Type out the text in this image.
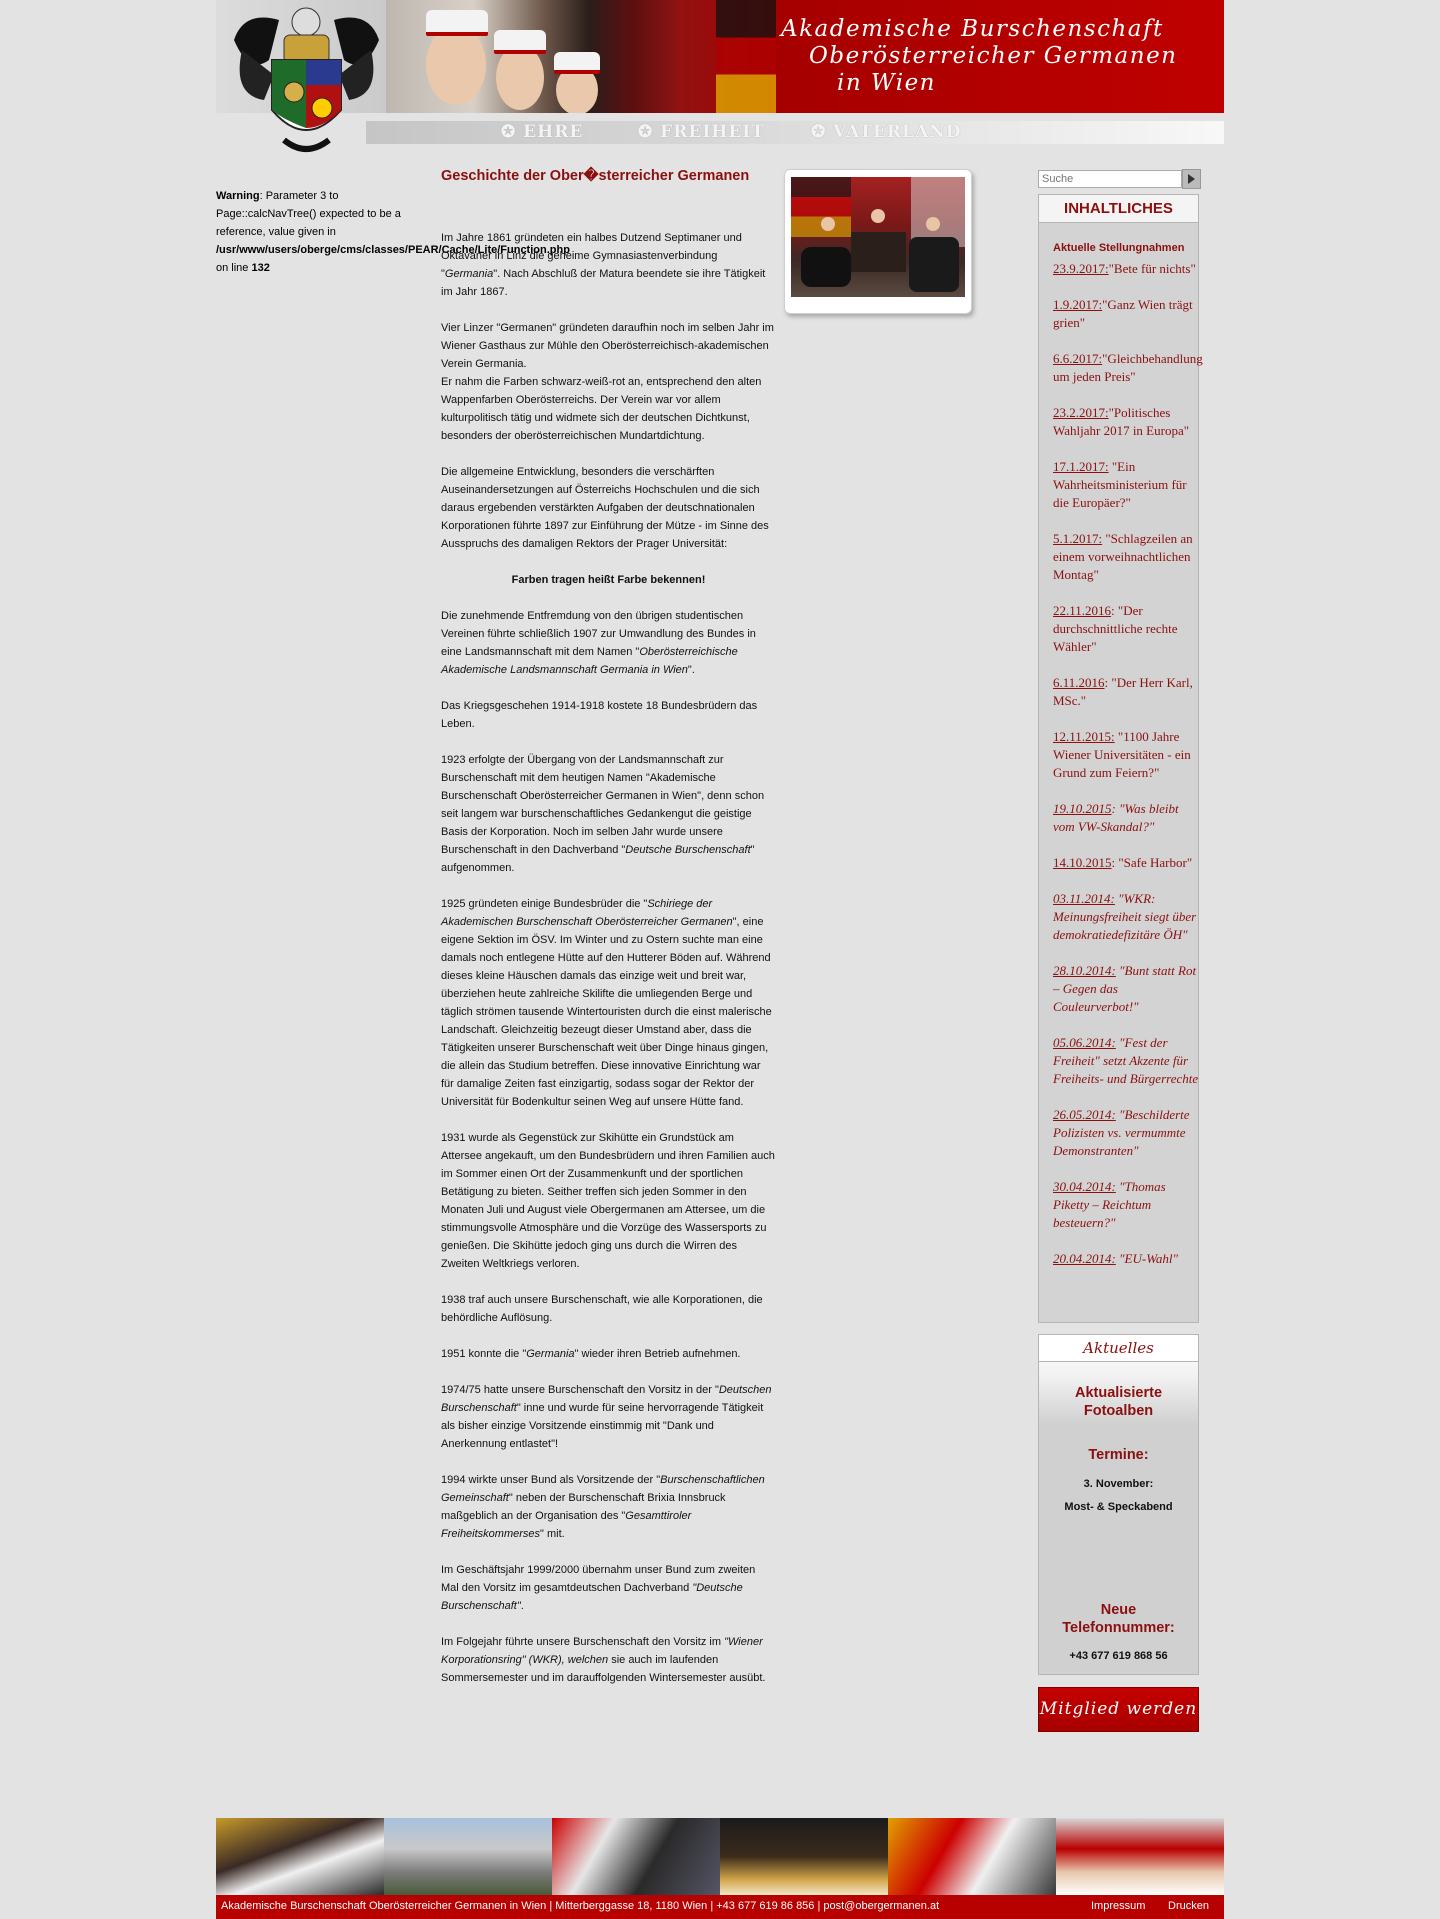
Akademische Burschenschaft
Oberösterreicher Germanen
in Wien
✪ EHRE	✪ FREIHEIT	✪ VATERLAND
Warning: Parameter 3 to Page::calcNavTree() expected to be a reference, value given in
/usr/www/users/oberge/cms/classes/PEAR/Cache/Lite/Function.php
on line 132
Geschichte der Ober�sterreicher Germanen

Im Jahre 1861 gründeten ein halbes Dutzend Septimaner und Oktavaner in Linz die geheime Gymnasiastenverbindung "Germania". Nach Abschluß der Matura beendete sie ihre Tätigkeit im Jahr 1867.

Vier Linzer "Germanen" gründeten daraufhin noch im selben Jahr im Wiener Gasthaus zur Mühle den Oberösterreichisch-akademischen Verein Germania.
Er nahm die Farben schwarz-weiß-rot an, entsprechend den alten Wappenfarben Oberösterreichs. Der Verein war vor allem kulturpolitisch tätig und widmete sich der deutschen Dichtkunst, besonders der oberösterreichischen Mundartdichtung.

Die allgemeine Entwicklung, besonders die verschärften Auseinandersetzungen auf Österreichs Hochschulen und die sich daraus ergebenden verstärkten Aufgaben der deutschnationalen Korporationen führte 1897 zur Einführung der Mütze - im Sinne des Ausspruchs des damaligen Rektors der Prager Universität:

Farben tragen heißt Farbe bekennen!

Die zunehmende Entfremdung von den übrigen studentischen Vereinen führte schließlich 1907 zur Umwandlung des Bundes in eine Landsmannschaft mit dem Namen "Oberösterreichische Akademische Landsmannschaft Germania in Wien".

Das Kriegsgeschehen 1914-1918 kostete 18 Bundesbrüdern das Leben.

1923 erfolgte der Übergang von der Landsmannschaft zur Burschenschaft mit dem heutigen Namen "Akademische Burschenschaft Oberösterreicher Germanen in Wien", denn schon seit langem war burschenschaftliches Gedankengut die geistige Basis der Korporation. Noch im selben Jahr wurde unsere Burschenschaft in den Dachverband "Deutsche Burschenschaft" aufgenommen.

1925 gründeten einige Bundesbrüder die "Schiriege der Akademischen Burschenschaft Oberösterreicher Germanen", eine eigene Sektion im ÖSV. Im Winter und zu Ostern suchte man eine damals noch entlegene Hütte auf den Hutterer Böden auf. Während dieses kleine Häuschen damals das einzige weit und breit war, überziehen heute zahlreiche Skilifte die umliegenden Berge und täglich strömen tausende Wintertouristen durch die einst malerische Landschaft. Gleichzeitig bezeugt dieser Umstand aber, dass die Tätigkeiten unserer Burschenschaft weit über Dinge hinaus gingen, die allein das Studium betreffen. Diese innovative Einrichtung war für damalige Zeiten fast einzigartig, sodass sogar der Rektor der Universität für Bodenkultur seinen Weg auf unsere Hütte fand.

1931 wurde als Gegenstück zur Skihütte ein Grundstück am Attersee angekauft, um den Bundesbrüdern und ihren Familien auch im Sommer einen Ort der Zusammenkunft und der sportlichen Betätigung zu bieten. Seither treffen sich jeden Sommer in den Monaten Juli und August viele Obergermanen am Attersee, um die stimmungsvolle Atmosphäre und die Vorzüge des Wassersports zu genießen. Die Skihütte jedoch ging uns durch die Wirren des Zweiten Weltkriegs verloren.

1938 traf auch unsere Burschenschaft, wie alle Korporationen, die behördliche Auflösung.

1951 konnte die "Germania" wieder ihren Betrieb aufnehmen.

1974/75 hatte unsere Burschenschaft den Vorsitz in der "Deutschen Burschenschaft" inne und wurde für seine hervorragende Tätigkeit als bisher einzige Vorsitzende einstimmig mit "Dank und Anerkennung entlastet"!

1994 wirkte unser Bund als Vorsitzende der "Burschenschaftlichen Gemeinschaft" neben der Burschenschaft Brixia Innsbruck maßgeblich an der Organisation des "Gesamttiroler Freiheitskommerses" mit.

Im Geschäftsjahr 1999/2000 übernahm unser Bund zum zweiten Mal den Vorsitz im gesamtdeutschen Dachverband "Deutsche Burschenschaft".

Im Folgejahr führte unsere Burschenschaft den Vorsitz im "Wiener Korporationsring" (WKR), welchen sie auch im laufenden Sommersemester und im darauffolgenden Wintersemester ausübt.

Suche
INHALTLICHES
Aktuelle Stellungnahmen
23.9.2017:"Bete für nichts"
1.9.2017:"Ganz Wien trägt grien"
6.6.2017:"Gleichbehandlung um jeden Preis"
23.2.2017:"Politisches Wahljahr 2017 in Europa"
17.1.2017: "Ein Wahrheitsministerium für die Europäer?"
5.1.2017: "Schlagzeilen an einem vorweihnachtlichen Montag"
22.11.2016: "Der durchschnittliche rechte Wähler"
6.11.2016: "Der Herr Karl, MSc."
12.11.2015: "1100 Jahre Wiener Universitäten - ein Grund zum Feiern?"
19.10.2015: "Was bleibt vom VW-Skandal?"
14.10.2015: "Safe Harbor"
03.11.2014: "WKR: Meinungsfreiheit siegt über demokratiedefizitäre ÖH"
28.10.2014: "Bunt statt Rot – Gegen das Couleurverbot!"
05.06.2014: "Fest der Freiheit" setzt Akzente für Freiheits- und Bürgerrechte
26.05.2014: "Beschilderte Polizisten vs. vermummte Demonstranten"
30.04.2014: "Thomas Piketty – Reichtum besteuern?"
20.04.2014: "EU-Wahl"
Aktuelles
Aktualisierte Fotoalben
Termine:
3. November:
Most- & Speckabend
Neue Telefonnummer:
+43 677 619 868 56
Mitglied werden
Akademische Burschenschaft Oberösterreicher Germanen in Wien | Mitterberggasse 18, 1180 Wien | +43 677 619 86 856 | post@obergermanen.at	Impressum Drucken
